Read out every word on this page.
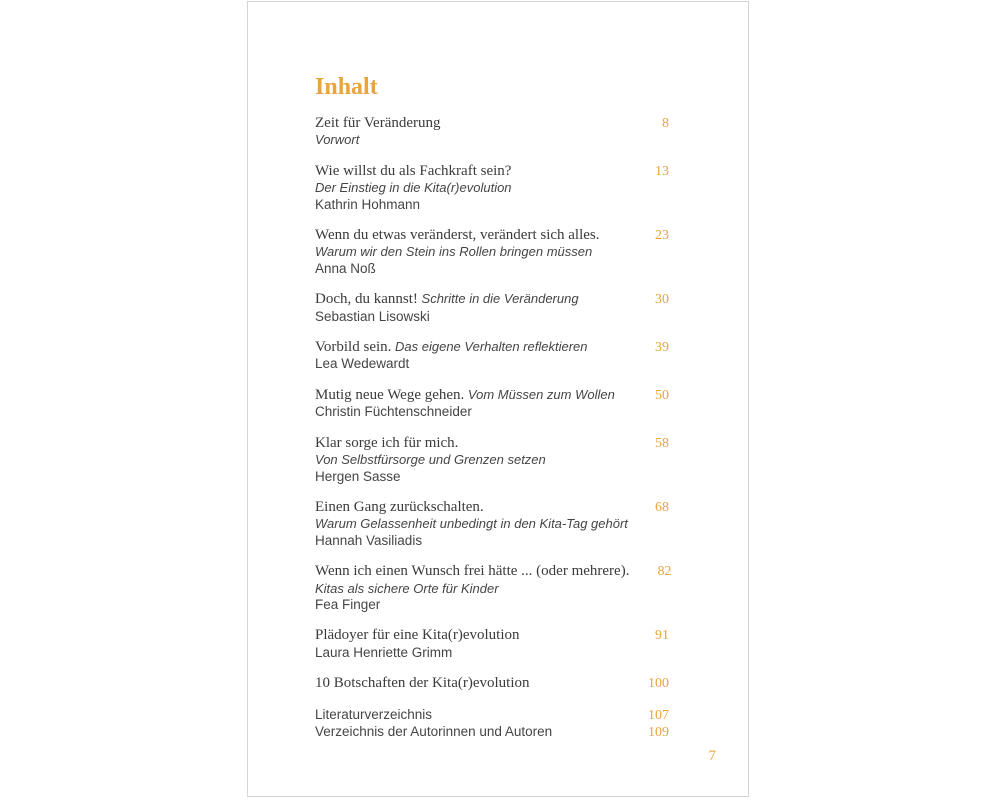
Inhalt
Zeit für Veränderung	8
Vorwort
Wie willst du als Fachkraft sein?	13
Der Einstieg in die Kita(r)evolution
Kathrin Hohmann
Wenn du etwas veränderst, verändert sich alles.	23
Warum wir den Stein ins Rollen bringen müssen
Anna Noß
Doch, du kannst! Schritte in die Veränderung	30
Sebastian Lisowski
Vorbild sein. Das eigene Verhalten reflektieren	39
Lea Wedewardt
Mutig neue Wege gehen. Vom Müssen zum Wollen	50
Christin Füchtenschneider
Klar sorge ich für mich.	58
Von Selbstfürsorge und Grenzen setzen
Hergen Sasse
Einen Gang zurückschalten.	68
Warum Gelassenheit unbedingt in den Kita-Tag gehört
Hannah Vasiliadis
Wenn ich einen Wunsch frei hätte ... (oder mehrere).	82
Kitas als sichere Orte für Kinder
Fea Finger
Plädoyer für eine Kita(r)evolution	91
Laura Henriette Grimm
10 Botschaften der Kita(r)evolution	100
Literaturverzeichnis	107
Verzeichnis der Autorinnen und Autoren	109
7
